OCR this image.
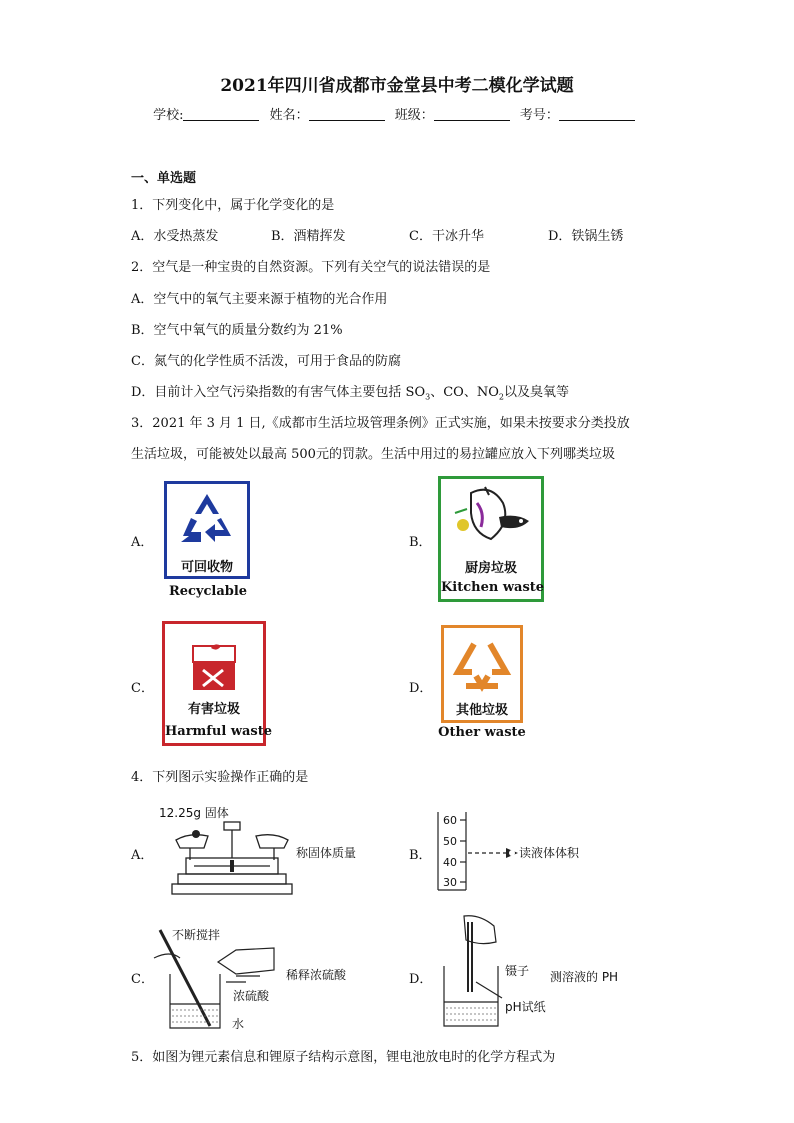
2021年四川省成都市金堂县中考二模化学试题
学校:	姓名：	班级：	考号：
一、单选题
1．下列变化中，属于化学变化的是
A．水受热蒸发	B．酒精挥发	C．干冰升华	D．铁锅生锈
2．空气是一种宝贵的自然资源。下列有关空气的说法错误的是
A．空气中的氧气主要来源于植物的光合作用
B．空气中氧气的质量分数约为 21%
C．氮气的化学性质不活泼，可用于食品的防腐
D．目前计入空气污染指数的有害气体主要包括 $SO_3$、CO、$NO_2$以及臭氧等
3．2021 年 3 月 1 日,《成都市生活垃圾管理条例》正式实施，如果未按要求分类投放
生活垃圾，可能被处以最高 500元的罚款。生活中用过的易拉罐应放入下列哪类垃圾
A．
可回收物
Recyclable
B．
厨房垃圾
Kitchen waste
C．
有害垃圾
Harmful waste
D．
其他垃圾
Other waste
4．下列图示实验操作正确的是
A．
12.25g 固体
称固体质量	B．
60
50
40
30
读液体体积
C．
不断搅拌
稀释浓硫酸
浓硫酸
水
D．
镊子 测溶液的 PH
pH试纸
5．如图为锂元素信息和锂原子结构示意图，锂电池放电时的化学方程式为
